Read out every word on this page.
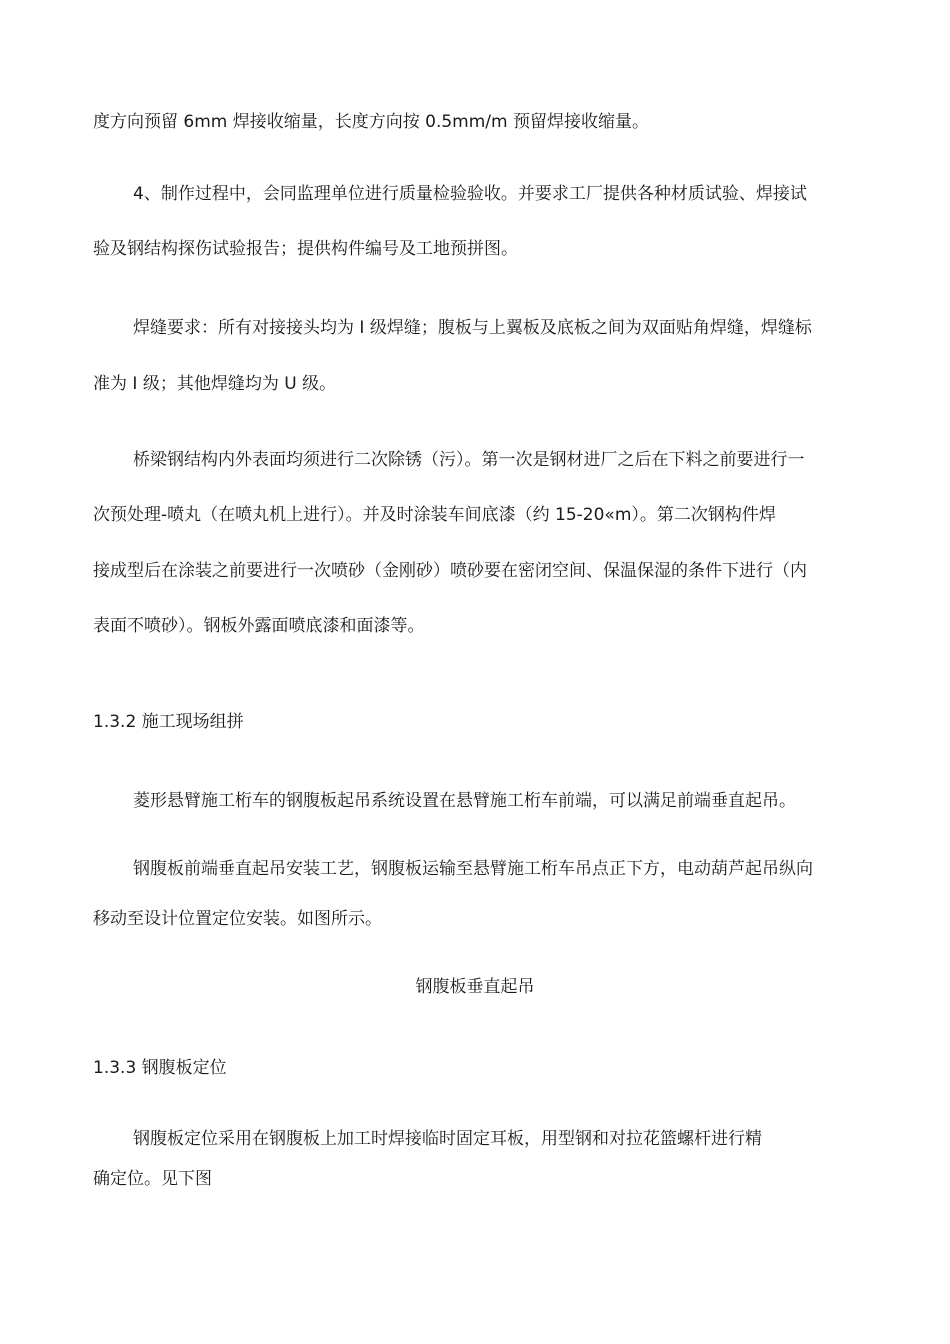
度方向预留 6mm 焊接收缩量，长度方向按 0.5mm/m 预留焊接收缩量。
4、制作过程中，会同监理单位进行质量检验验收。并要求工厂提供各种材质试验、焊接试
验及钢结构探伤试验报告；提供构件编号及工地预拼图。
焊缝要求：所有对接接头均为 I 级焊缝；腹板与上翼板及底板之间为双面贴角焊缝，焊缝标
准为 I 级；其他焊缝均为 U 级。
桥梁钢结构内外表面均须进行二次除锈（污）。第一次是钢材进厂之后在下料之前要进行一
次预处理-喷丸（在喷丸机上进行）。并及时涂装车间底漆（约 15-20«m）。第二次钢构件焊
接成型后在涂装之前要进行一次喷砂（金刚砂）喷砂要在密闭空间、保温保湿的条件下进行（内
表面不喷砂）。钢板外露面喷底漆和面漆等。
1.3.2 施工现场组拼
菱形悬臂施工桁车的钢腹板起吊系统设置在悬臂施工桁车前端，可以满足前端垂直起吊。
钢腹板前端垂直起吊安装工艺，钢腹板运输至悬臂施工桁车吊点正下方，电动葫芦起吊纵向
移动至设计位置定位安装。如图所示。
钢腹板垂直起吊
1.3.3 钢腹板定位
钢腹板定位采用在钢腹板上加工时焊接临时固定耳板，用型钢和对拉花篮螺杆进行精
确定位。见下图
